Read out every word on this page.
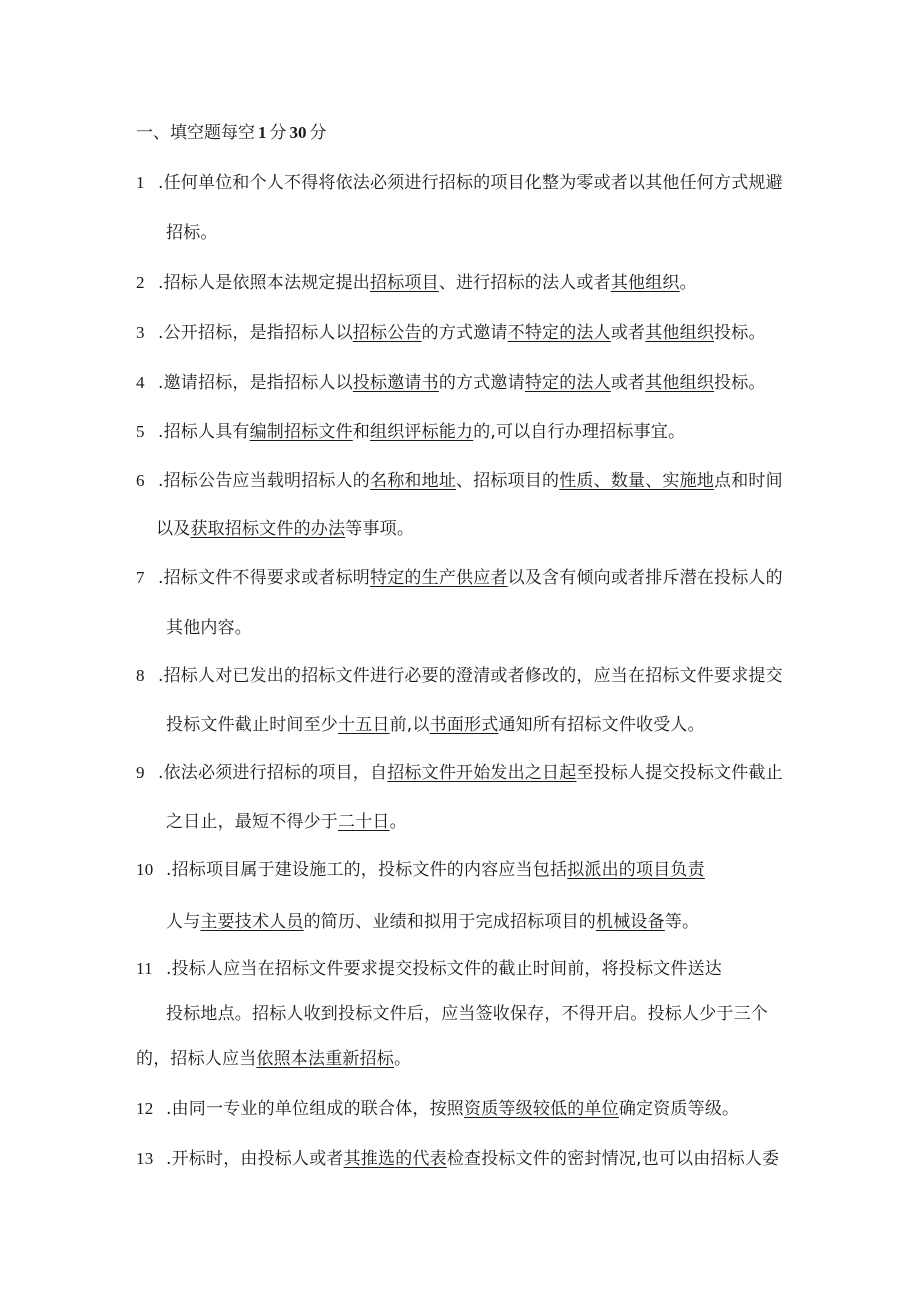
一、填空题每空 1 分 30 分
1 .任何单位和个人不得将依法必须进行招标的项目化整为零或者以其他任何方式规避
招标。
2 .招标人是依照本法规定提出招标项目、进行招标的法人或者其他组织。
3 .公开招标，是指招标人以招标公告的方式邀请不特定的法人或者其他组织投标。
4 .邀请招标，是指招标人以投标邀请书的方式邀请特定的法人或者其他组织投标。
5 .招标人具有编制招标文件和组织评标能力的,可以自行办理招标事宜。
6 .招标公告应当载明招标人的名称和地址、招标项目的性质、数量、实施地点和时间
以及获取招标文件的办法等事项。
7 .招标文件不得要求或者标明特定的生产供应者以及含有倾向或者排斥潜在投标人的
其他内容。
8 .招标人对已发出的招标文件进行必要的澄清或者修改的，应当在招标文件要求提交
投标文件截止时间至少十五日前,以书面形式通知所有招标文件收受人。
9 .依法必须进行招标的项目，自招标文件开始发出之日起至投标人提交投标文件截止
之日止，最短不得少于二十日。
10 .招标项目属于建设施工的，投标文件的内容应当包括拟派出的项目负责
人与主要技术人员的简历、业绩和拟用于完成招标项目的机械设备等。
11 .投标人应当在招标文件要求提交投标文件的截止时间前，将投标文件送达
投标地点。招标人收到投标文件后，应当签收保存，不得开启。投标人少于三个
的，招标人应当依照本法重新招标。
12 .由同一专业的单位组成的联合体，按照资质等级较低的单位确定资质等级。
13 .开标时，由投标人或者其推选的代表检查投标文件的密封情况,也可以由招标人委
